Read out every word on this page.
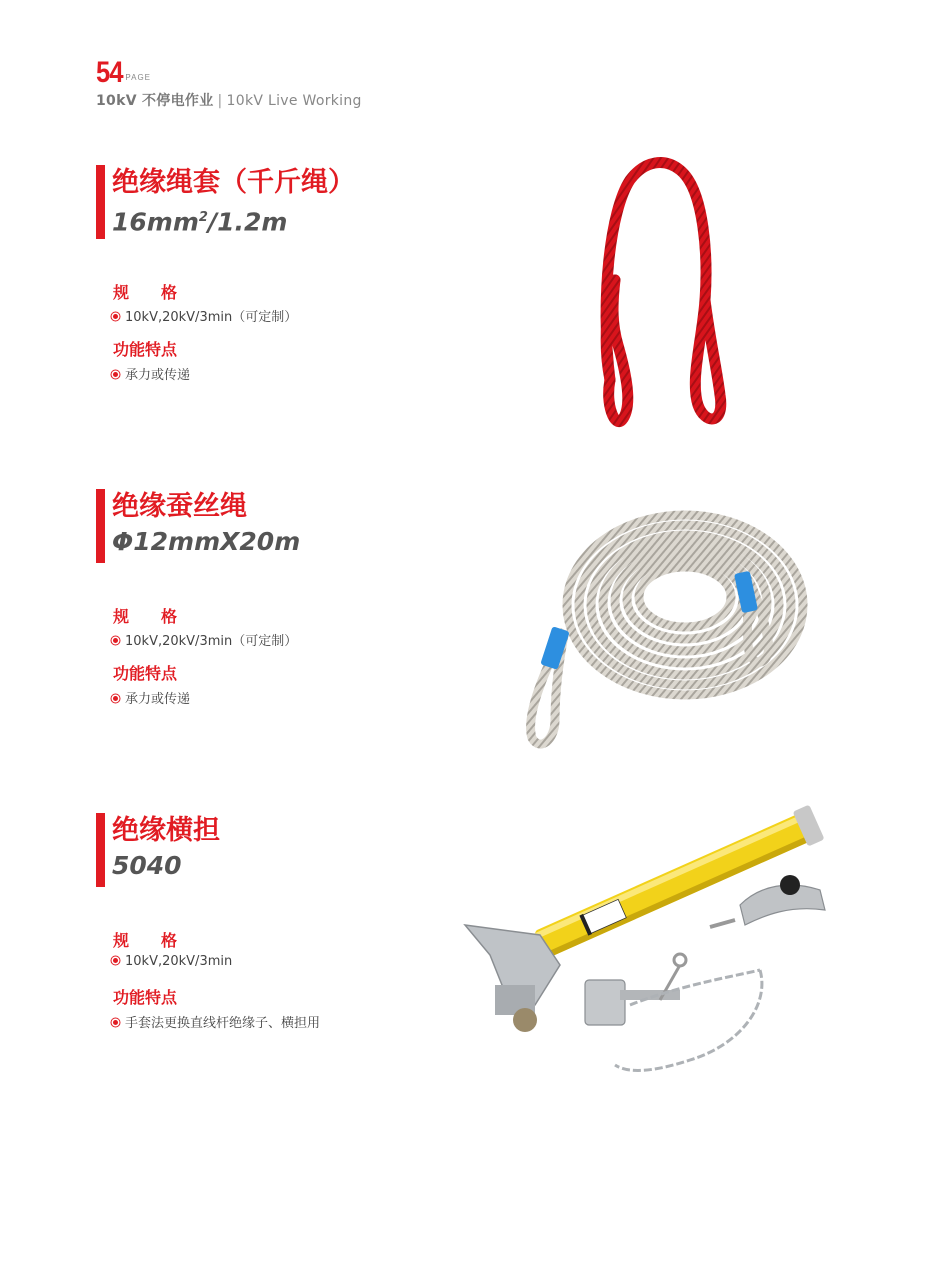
54 PAGE
10kV 不停电作业 | 10kV Live Working
绝缘绳套（千斤绳）
$16mm^2/1.2m$
规　　格
10kV,20kV/3min（可定制）
功能特点
承力或传递
绝缘蚕丝绳
Φ12mmX20m
规　　格
10kV,20kV/3min（可定制）
功能特点
承力或传递
绝缘横担
5040
规　　格
10kV,20kV/3min
功能特点
手套法更换直线杆绝缘子、横担用
